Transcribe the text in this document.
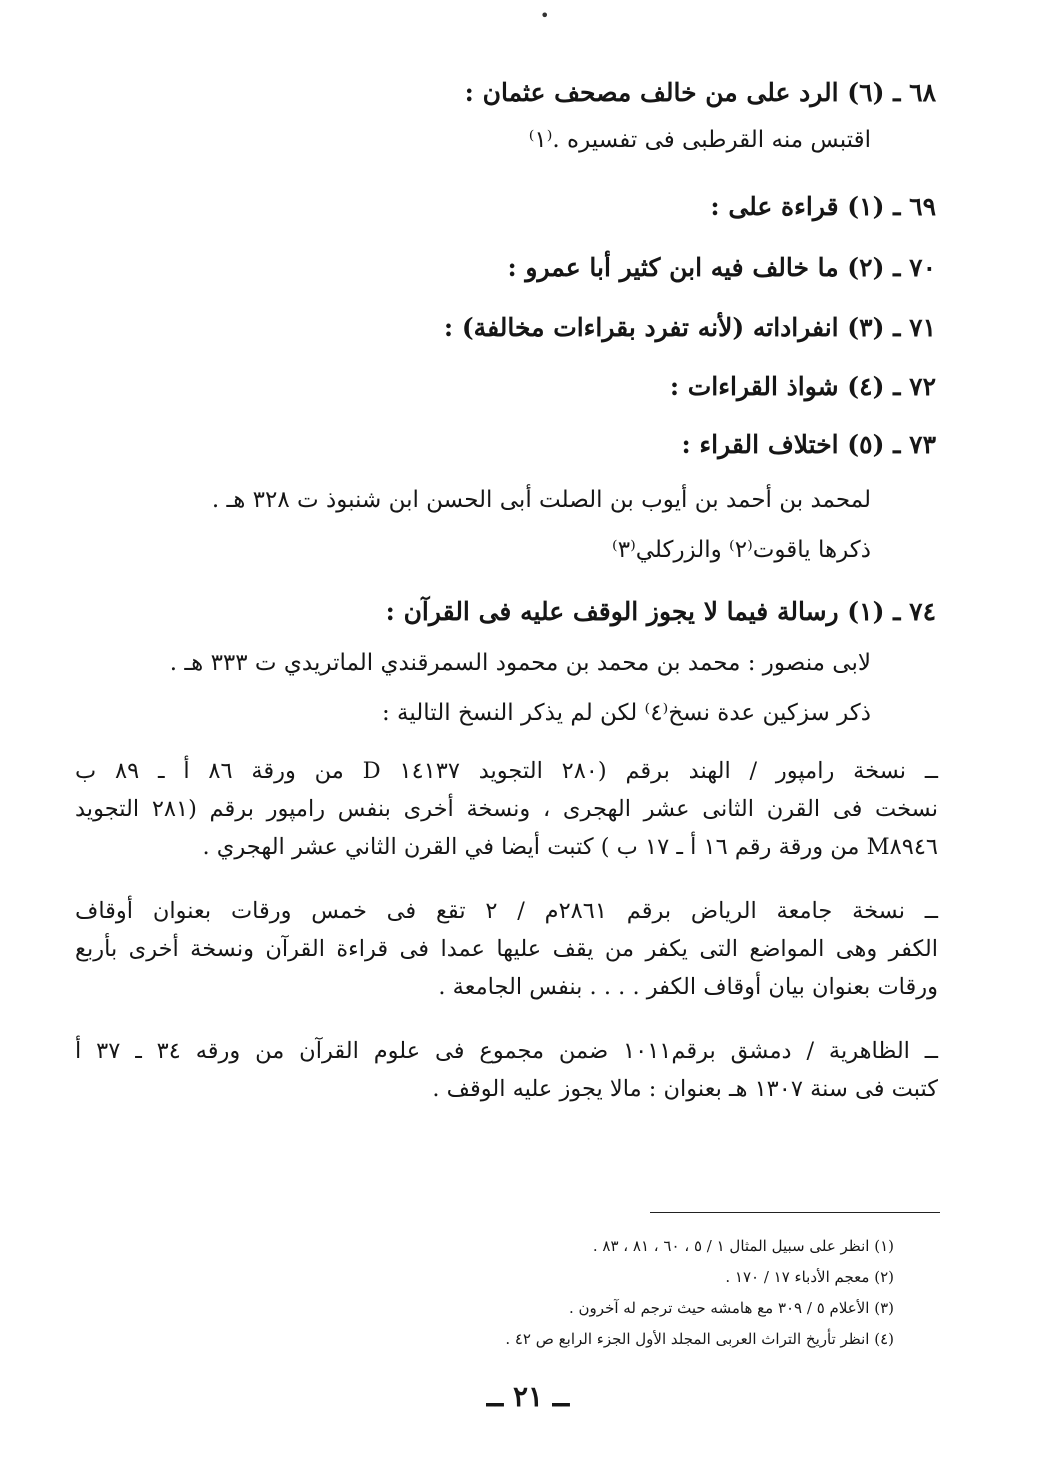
•
٦٨ ـ (٦) الرد على من خالف مصحف عثمان :
اقتبس منه القرطبى فى تفسيره .⁽١⁾
٦٩ ـ (١) قراءة على :
٧٠ ـ (٢) ما خالف فيه ابن كثير أبا عمرو :
٧١ ـ (٣) انفراداته (لأنه تفرد بقراءات مخالفة) :
٧٢ ـ (٤) شواذ القراءات :
٧٣ ـ (٥) اختلاف القراء :
لمحمد بن أحمد بن أيوب بن الصلت أبى الحسن ابن شنبوذ ت ٣٢٨ هـ .
ذكرها ياقوت⁽٢⁾ والزركلي⁽٣⁾
٧٤ ـ (١) رسالة فيما لا يجوز الوقف عليه فى القرآن :
لابى منصور : محمد بن محمد بن محمود السمرقندي الماتريدي ت ٣٣٣ هـ .
ذكر سزكين عدة نسخ⁽٤⁾ لكن لم يذكر النسخ التالية :
ــ نسخة رامپور / الهند برقم (٢٨٠ التجويد ١٤١٣٧ D من ورقة ٨٦ أ ـ ٨٩ ب
نسخت فى القرن الثانى عشر الهجرى ، ونسخة أخرى بنفس رامپور برقم (٢٨١ التجويد
M٨٩٤٦ من ورقة رقم ١٦ أ ـ ١٧ ب ) كتبت أيضا في القرن الثاني عشر الهجري .
ــ نسخة جامعة الرياض برقم ٢٨٦١م / ٢ تقع فى خمس ورقات بعنوان أوقاف
الكفر وهى المواضع التى يكفر من يقف عليها عمدا فى قراءة القرآن ونسخة أخرى بأربع
ورقات بعنوان بيان أوقاف الكفر . . . . بنفس الجامعة .
ــ الظاهرية / دمشق برقم١٠١١ ضمن مجموع فى علوم القرآن من ورقه ٣٤ ـ ٣٧ أ
كتبت فى سنة ١٣٠٧ هـ بعنوان : مالا يجوز عليه الوقف .
(١) انظر على سبيل المثال ١ / ٥ ، ٦٠ ، ٨١ ، ٨٣ .
(٢) معجم الأدباء ١٧ / ١٧٠ .
(٣) الأعلام ٥ / ٣٠٩ مع هامشه حيث ترجم له آخرون .
(٤) انظر تأريخ التراث العربى المجلد الأول الجزء الرابع ص ٤٢ .
ــ ٢١ ــ
